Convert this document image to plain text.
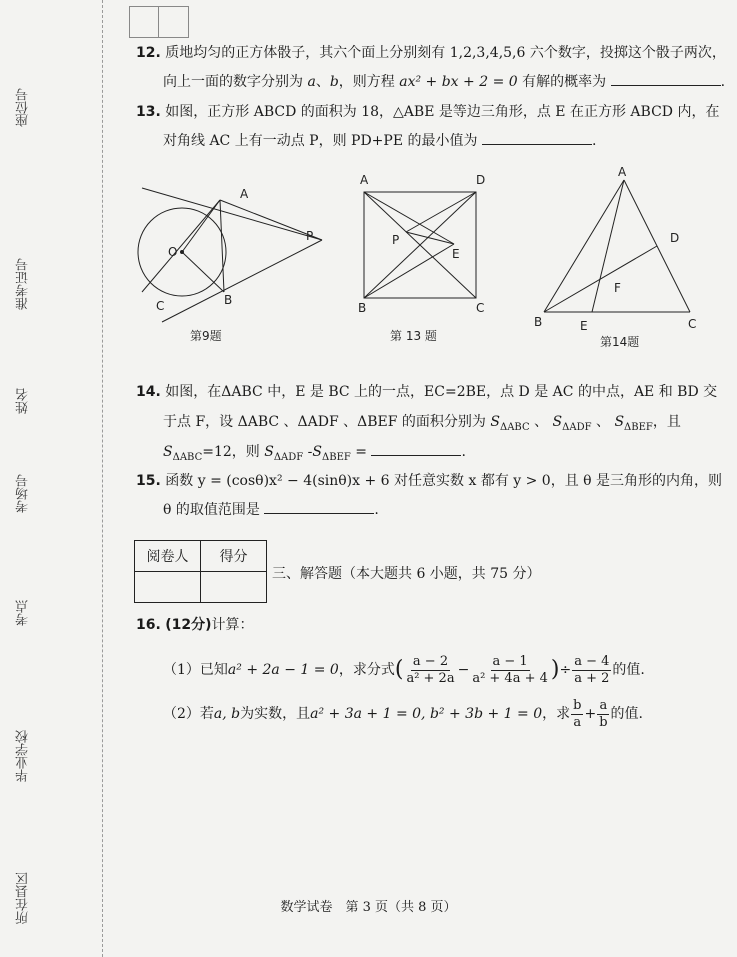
座位号
准考证号
姓名
考场号
考点
毕业学校
所在县区
12. 质地均匀的正方体骰子，其六个面上分别刻有 1,2,3,4,5,6 六个数字，投掷这个骰子两次，
向上一面的数字分别为 a、b，则方程 ax² + bx + 2 = 0 有解的概率为	.
13. 如图，正方形 ABCD 的面积为 18，△ABE 是等边三角形，点 E 在正方形 ABCD 内，在
对角线 AC 上有一动点 P，则 PD+PE 的最小值为	.
A
O
P
C	B
第9题
A	D
P
E
B	C
第 13 题
A
D
F
B	E	C
第14题
14. 如图，在ΔABC 中，E 是 BC 上的一点，EC=2BE，点 D 是 AC 的中点，AE 和 BD 交
于点 F，设 ΔABC 、ΔADF 、ΔBEF 的面积分别为 $S_{\Delta ABC}$ 、 $S_{\Delta ADF}$ 、 $S_{\Delta BEF}$，且
$S_{\Delta ABC}=12$，则 $S_{\Delta ADF}$ $-S_{\Delta BEF}$ =	.
15. 函数 y = (cosθ)x² − 4(sinθ)x + 6 对任意实数 x 都有 y > 0，且 θ 是三角形的内角，则
θ 的取值范围是	.
阅卷人	得分

三、解答题（本大题共 6 小题，共 75 分）
16. (12分)计算：
（1）已知a² + 2a − 1 = 0，求分式( $\frac{a - 2}{\text{a² + 2a}} - \frac{a - 1}{\text{a² + 4a + 4}}$ )÷ $\frac{a - 4}{a + 2}$ 的值.
（2）若a, b为实数，且a² + 3a + 1 = 0, b² + 3b + 1 = 0，求 $\frac{b}{a} + \frac{a}{b}$ 的值.
数学试卷　第 3 页（共 8 页）
